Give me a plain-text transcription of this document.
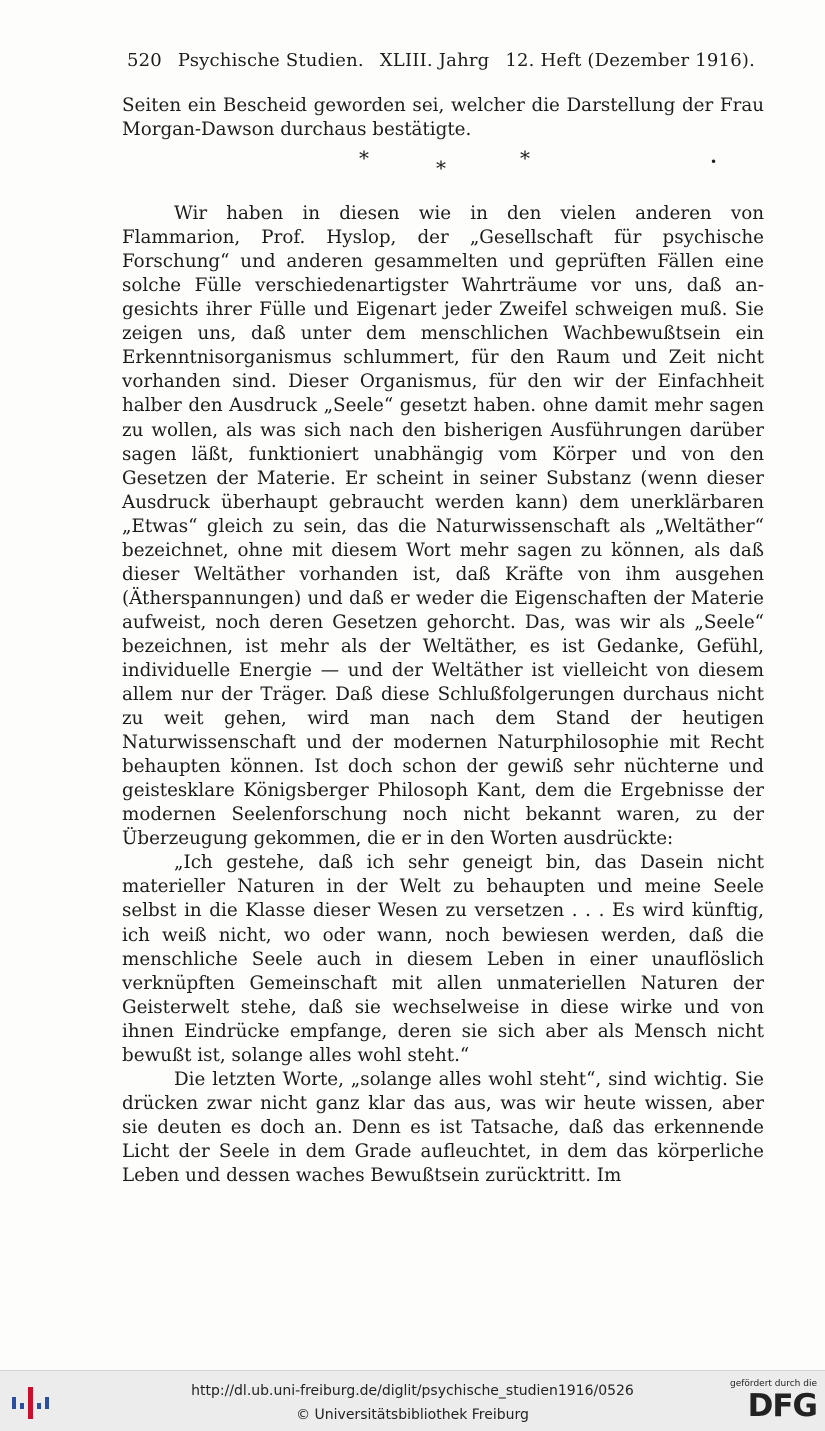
520 Psychische Studien. XLIII. Jahrg 12. Heft (Dezember 1916).

Seiten ein Bescheid geworden sei, welcher die Darstellung der Frau Morgan-Dawson durchaus bestätigte.

*	*	*	•

Wir haben in diesen wie in den vielen anderen von Flammarion, Prof. Hyslop, der „Gesellschaft für psychische Forschung“ und anderen gesammelten und geprüften Fällen eine solche Fülle verschiedenartigster Wahrträume vor uns, daß angesichts ihrer Fülle und Eigenart jeder Zweifel schweigen muß. Sie zeigen uns, daß unter dem menschlichen Wachbewußtsein ein Erkenntnisorganismus schlummert, für den Raum und Zeit nicht vorhanden sind. Dieser Organismus, für den wir der Einfachheit halber den Ausdruck „Seele“ gesetzt haben. ohne damit mehr sagen zu wollen, als was sich nach den bisherigen Ausführungen darüber sagen läßt, funktioniert unabhängig vom Körper und von den Gesetzen der Materie. Er scheint in seiner Substanz (wenn dieser Ausdruck überhaupt gebraucht werden kann) dem unerklärbaren „Etwas“ gleich zu sein, das die Naturwissenschaft als „Weltäther“ bezeichnet, ohne mit diesem Wort mehr sagen zu können, als daß dieser Weltäther vorhanden ist, daß Kräfte von ihm ausgehen (Ätherspannungen) und daß er weder die Eigenschaften der Materie aufweist, noch deren Gesetzen gehorcht. Das, was wir als „Seele“ bezeichnen, ist mehr als der Weltäther, es ist Gedanke, Gefühl, individuelle Energie — und der Weltäther ist vielleicht von diesem allem nur der Träger. Daß diese Schlußfolgerungen durchaus nicht zu weit gehen, wird man nach dem Stand der heutigen Naturwissenschaft und der modernen Naturphilosophie mit Recht behaupten können. Ist doch schon der gewiß sehr nüchterne und geistesklare Königsberger Philosoph Kant, dem die Ergebnisse der modernen Seelenforschung noch nicht bekannt waren, zu der Überzeugung gekommen, die er in den Worten ausdrückte:

„Ich gestehe, daß ich sehr geneigt bin, das Dasein nicht materieller Naturen in der Welt zu behaupten und meine Seele selbst in die Klasse dieser Wesen zu versetzen . . . Es wird künftig, ich weiß nicht, wo oder wann, noch bewiesen werden, daß die menschliche Seele auch in diesem Leben in einer unauflöslich verknüpften Gemeinschaft mit allen unmateriellen Naturen der Geisterwelt stehe, daß sie wechselweise in diese wirke und von ihnen Eindrücke empfange, deren sie sich aber als Mensch nicht bewußt ist, solange alles wohl steht.“

Die letzten Worte, „solange alles wohl steht“, sind wichtig. Sie drücken zwar nicht ganz klar das aus, was wir heute wissen, aber sie deuten es doch an. Denn es ist Tatsache, daß das erkennende Licht der Seele in dem Grade aufleuchtet, in dem das körperliche Leben und dessen waches Bewußtsein zurücktritt. Im

http://dl.ub.uni-freiburg.de/diglit/psychische_studien1916/0526
© Universitätsbibliothek Freiburg
gefördert durch die
DFG
